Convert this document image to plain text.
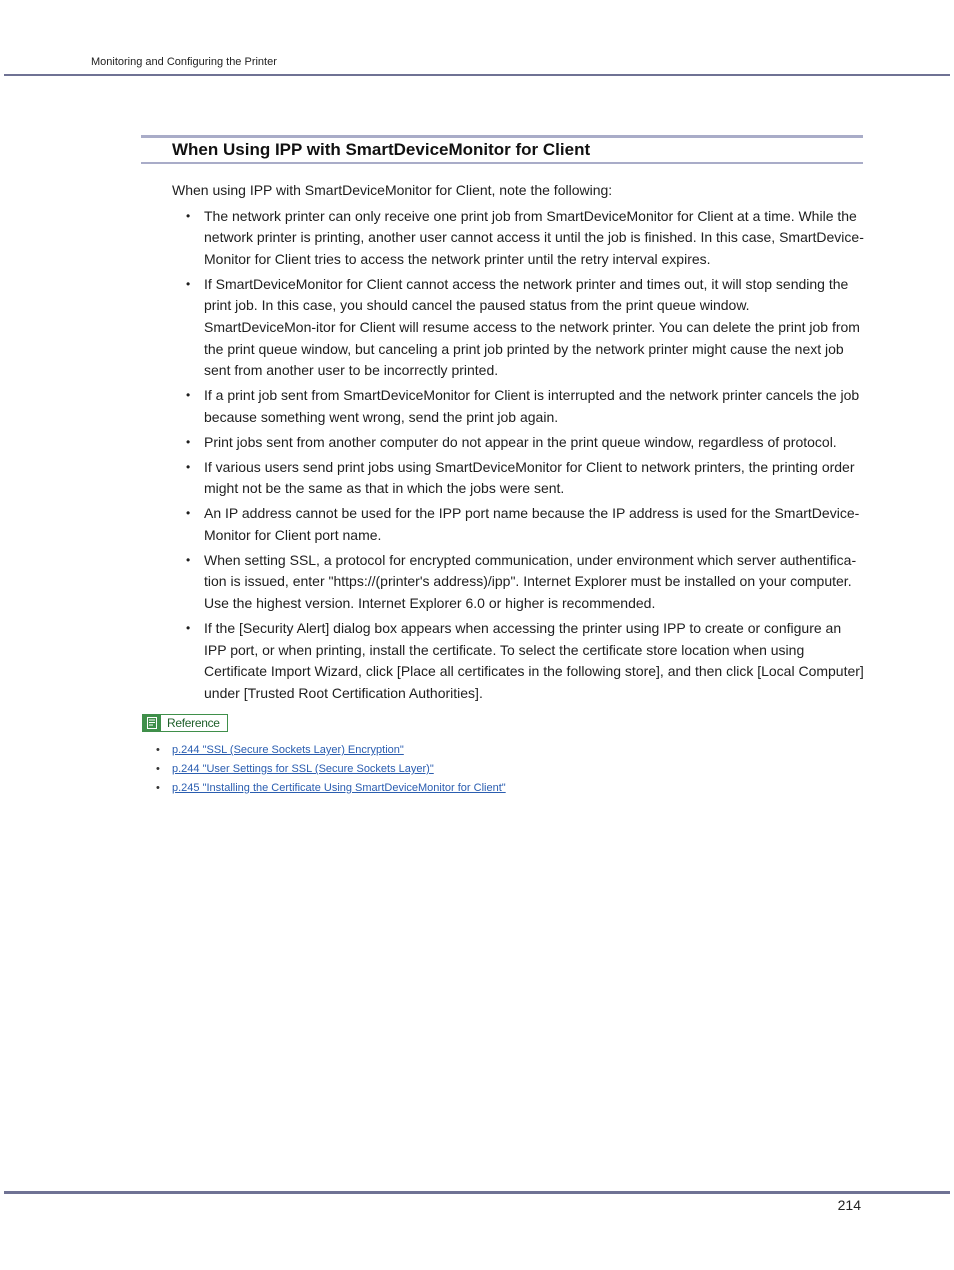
Monitoring and Configuring the Printer
When Using IPP with SmartDeviceMonitor for Client

When using IPP with SmartDeviceMonitor for Client, note the following:

• The network printer can only receive one print job from SmartDeviceMonitor for Client at a time. While the network printer is printing, another user cannot access it until the job is finished. In this case, SmartDevice-Monitor for Client tries to access the network printer until the retry interval expires.
• If SmartDeviceMonitor for Client cannot access the network printer and times out, it will stop sending the print job. In this case, you should cancel the paused status from the print queue window. SmartDeviceMon-itor for Client will resume access to the network printer. You can delete the print job from the print queue window, but canceling a print job printed by the network printer might cause the next job sent from another user to be incorrectly printed.
• If a print job sent from SmartDeviceMonitor for Client is interrupted and the network printer cancels the job because something went wrong, send the print job again.
• Print jobs sent from another computer do not appear in the print queue window, regardless of protocol.
• If various users send print jobs using SmartDeviceMonitor for Client to network printers, the printing order might not be the same as that in which the jobs were sent.
• An IP address cannot be used for the IPP port name because the IP address is used for the SmartDevice-Monitor for Client port name.
• When setting SSL, a protocol for encrypted communication, under environment which server authentifica-tion is issued, enter "https://(printer's address)/ipp". Internet Explorer must be installed on your computer. Use the highest version. Internet Explorer 6.0 or higher is recommended.
• If the [Security Alert] dialog box appears when accessing the printer using IPP to create or configure an IPP port, or when printing, install the certificate. To select the certificate store location when using Certificate Import Wizard, click [Place all certificates in the following store], and then click [Local Computer] under [Trusted Root Certification Authorities].
Reference
• p.244 "SSL (Secure Sockets Layer) Encryption"
• p.244 "User Settings for SSL (Secure Sockets Layer)"
• p.245 "Installing the Certificate Using SmartDeviceMonitor for Client"
214
